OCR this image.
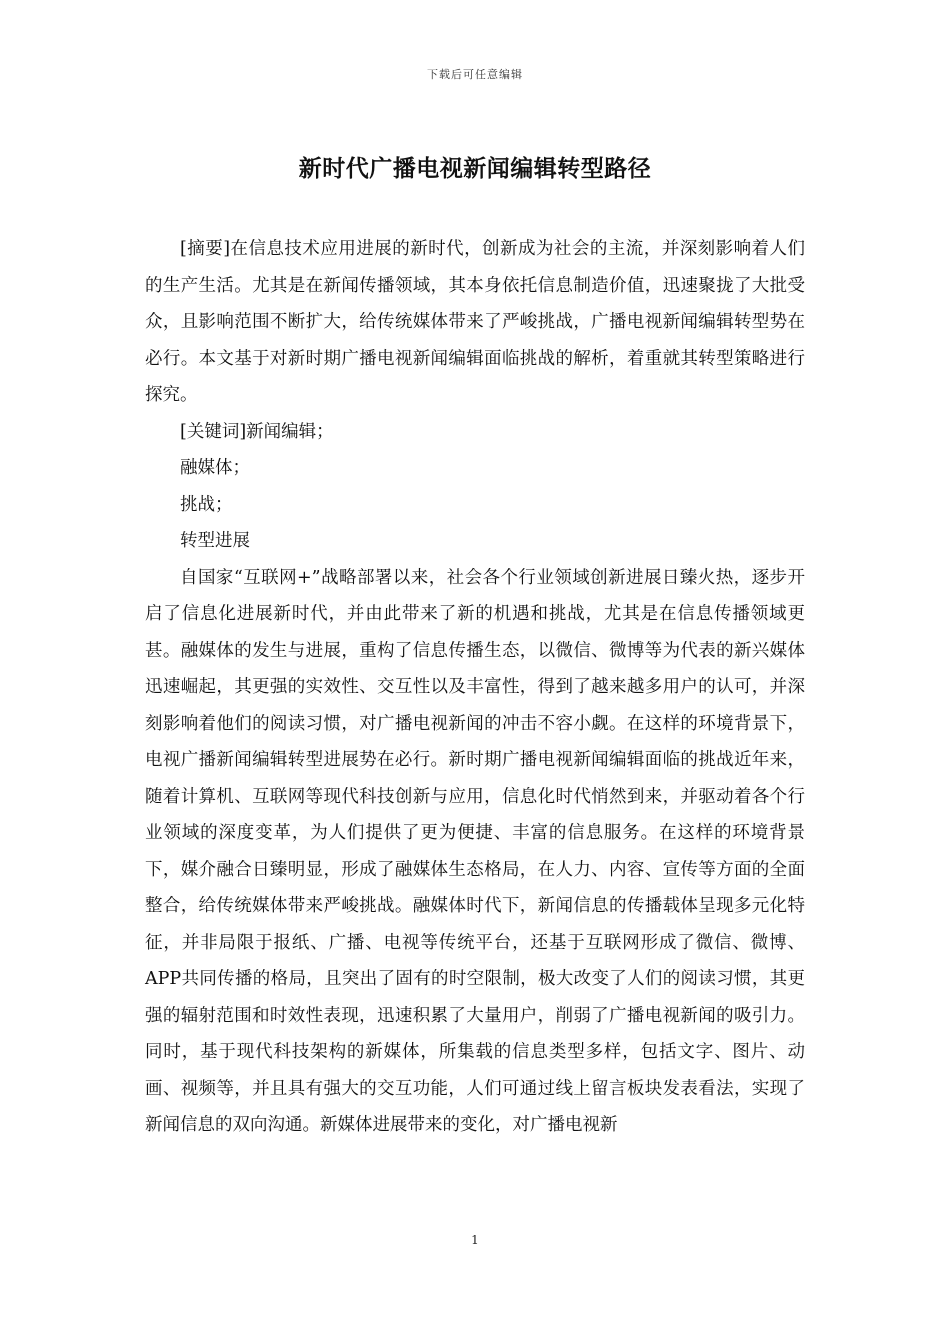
下载后可任意编辑
新时代广播电视新闻编辑转型路径

[摘要]在信息技术应用进展的新时代，创新成为社会的主流，并深刻影响着人们的生产生活。尤其是在新闻传播领域，其本身依托信息制造价值，迅速聚拢了大批受众，且影响范围不断扩大，给传统媒体带来了严峻挑战，广播电视新闻编辑转型势在必行。本文基于对新时期广播电视新闻编辑面临挑战的解析，着重就其转型策略进行探究。

[关键词]新闻编辑；

融媒体；

挑战；

转型进展

自国家“互联网+”战略部署以来，社会各个行业领域创新进展日臻火热，逐步开启了信息化进展新时代，并由此带来了新的机遇和挑战，尤其是在信息传播领域更甚。融媒体的发生与进展，重构了信息传播生态，以微信、微博等为代表的新兴媒体迅速崛起，其更强的实效性、交互性以及丰富性，得到了越来越多用户的认可，并深刻影响着他们的阅读习惯，对广播电视新闻的冲击不容小觑。在这样的环境背景下，电视广播新闻编辑转型进展势在必行。新时期广播电视新闻编辑面临的挑战近年来，随着计算机、互联网等现代科技创新与应用，信息化时代悄然到来，并驱动着各个行业领域的深度变革，为人们提供了更为便捷、丰富的信息服务。在这样的环境背景下，媒介融合日臻明显，形成了融媒体生态格局，在人力、内容、宣传等方面的全面整合，给传统媒体带来严峻挑战。融媒体时代下，新闻信息的传播载体呈现多元化特征，并非局限于报纸、广播、电视等传统平台，还基于互联网形成了微信、微博、APP共同传播的格局，且突出了固有的时空限制，极大改变了人们的阅读习惯，其更强的辐射范围和时效性表现，迅速积累了大量用户，削弱了广播电视新闻的吸引力。同时，基于现代科技架构的新媒体，所集载的信息类型多样，包括文字、图片、动画、视频等，并且具有强大的交互功能，人们可通过线上留言板块发表看法，实现了新闻信息的双向沟通。新媒体进展带来的变化，对广播电视新

1
